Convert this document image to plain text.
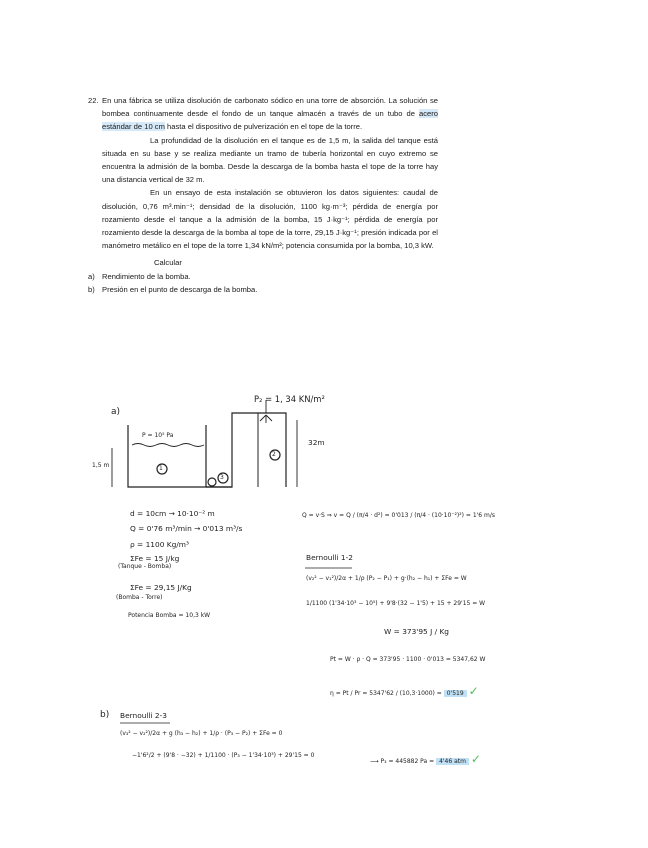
22. En una fábrica se utiliza disolución de carbonato sódico en una torre de absorción. La solución se bombea continuamente desde el fondo de un tanque almacén a través de un tubo de acero estándar de 10 cm hasta el dispositivo de pulverización en el tope de la torre.

La profundidad de la disolución en el tanque es de 1,5 m, la salida del tanque está situada en su base y se realiza mediante un tramo de tubería horizontal en cuyo extremo se encuentra la admisión de la bomba. Desde la descarga de la bomba hasta el tope de la torre hay una distancia vertical de 32 m.

En un ensayo de esta instalación se obtuvieron los datos siguientes: caudal de disolución, 0,76 m³.min⁻¹; densidad de la disolución, 1100 kg·m⁻³; pérdida de energía por rozamiento desde el tanque a la admisión de la bomba, 15 J·kg⁻¹; pérdida de energía por rozamiento desde la descarga de la bomba al tope de la torre, 29,15 J·kg⁻¹; presión indicada por el manómetro metálico en el tope de la torre 1,34 kN/m²; potencia consumida por la bomba, 10,3 kW.

Calcular

a) Rendimiento de la bomba.
b) Presión en el punto de descarga de la bomba.
a)
P₂ = 1, 34 KN/m²
P = 10⁵ Pa
1,5 m
32m
1
2
3
d = 10cm → 10·10⁻² m
Q = 0'76 m³/min → 0'013 m³/s
ρ = 1100 Kg/m³
ΣFe = 15 J/kg
(Tanque - Bomba)
ΣFe = 29,15 J/Kg
(Bomba - Torre)
Potencia Bomba = 10,3 kW
Q = v·S ⇒ v = Q / (π/4 · d²) = 0'013 / (π/4 · (10·10⁻²)²) = 1'6 m/s
Bernoulli 1-2
(v₂² − v₁²)/2α + 1/ρ (P₂ − P₁) + g·(h₂ − h₁) + ΣFe = W
1/1100 (1'34·10³ − 10⁵) + 9'8·(32 − 1'5) + 15 + 29'15 = W
W = 373'95 J / Kg
Pt = W · ρ · Q = 373'95 · 1100 · 0'013 = 5347,62 W
η = Pt / Pr = 5347'62 / (10,3·1000) = 0'519 ✓
b) Bernoulli 2-3
(v₃² − v₂²)/2α + g (h₃ − h₂) + 1/ρ · (P₃ − P₂) + ΣFe = 0
−1'6²/2 + (9'8 · −32) + 1/1100 · (P₃ − 1'34·10³) + 29'15 = 0
⟶ P₃ = 445882 Pa = 4'46 atm ✓
